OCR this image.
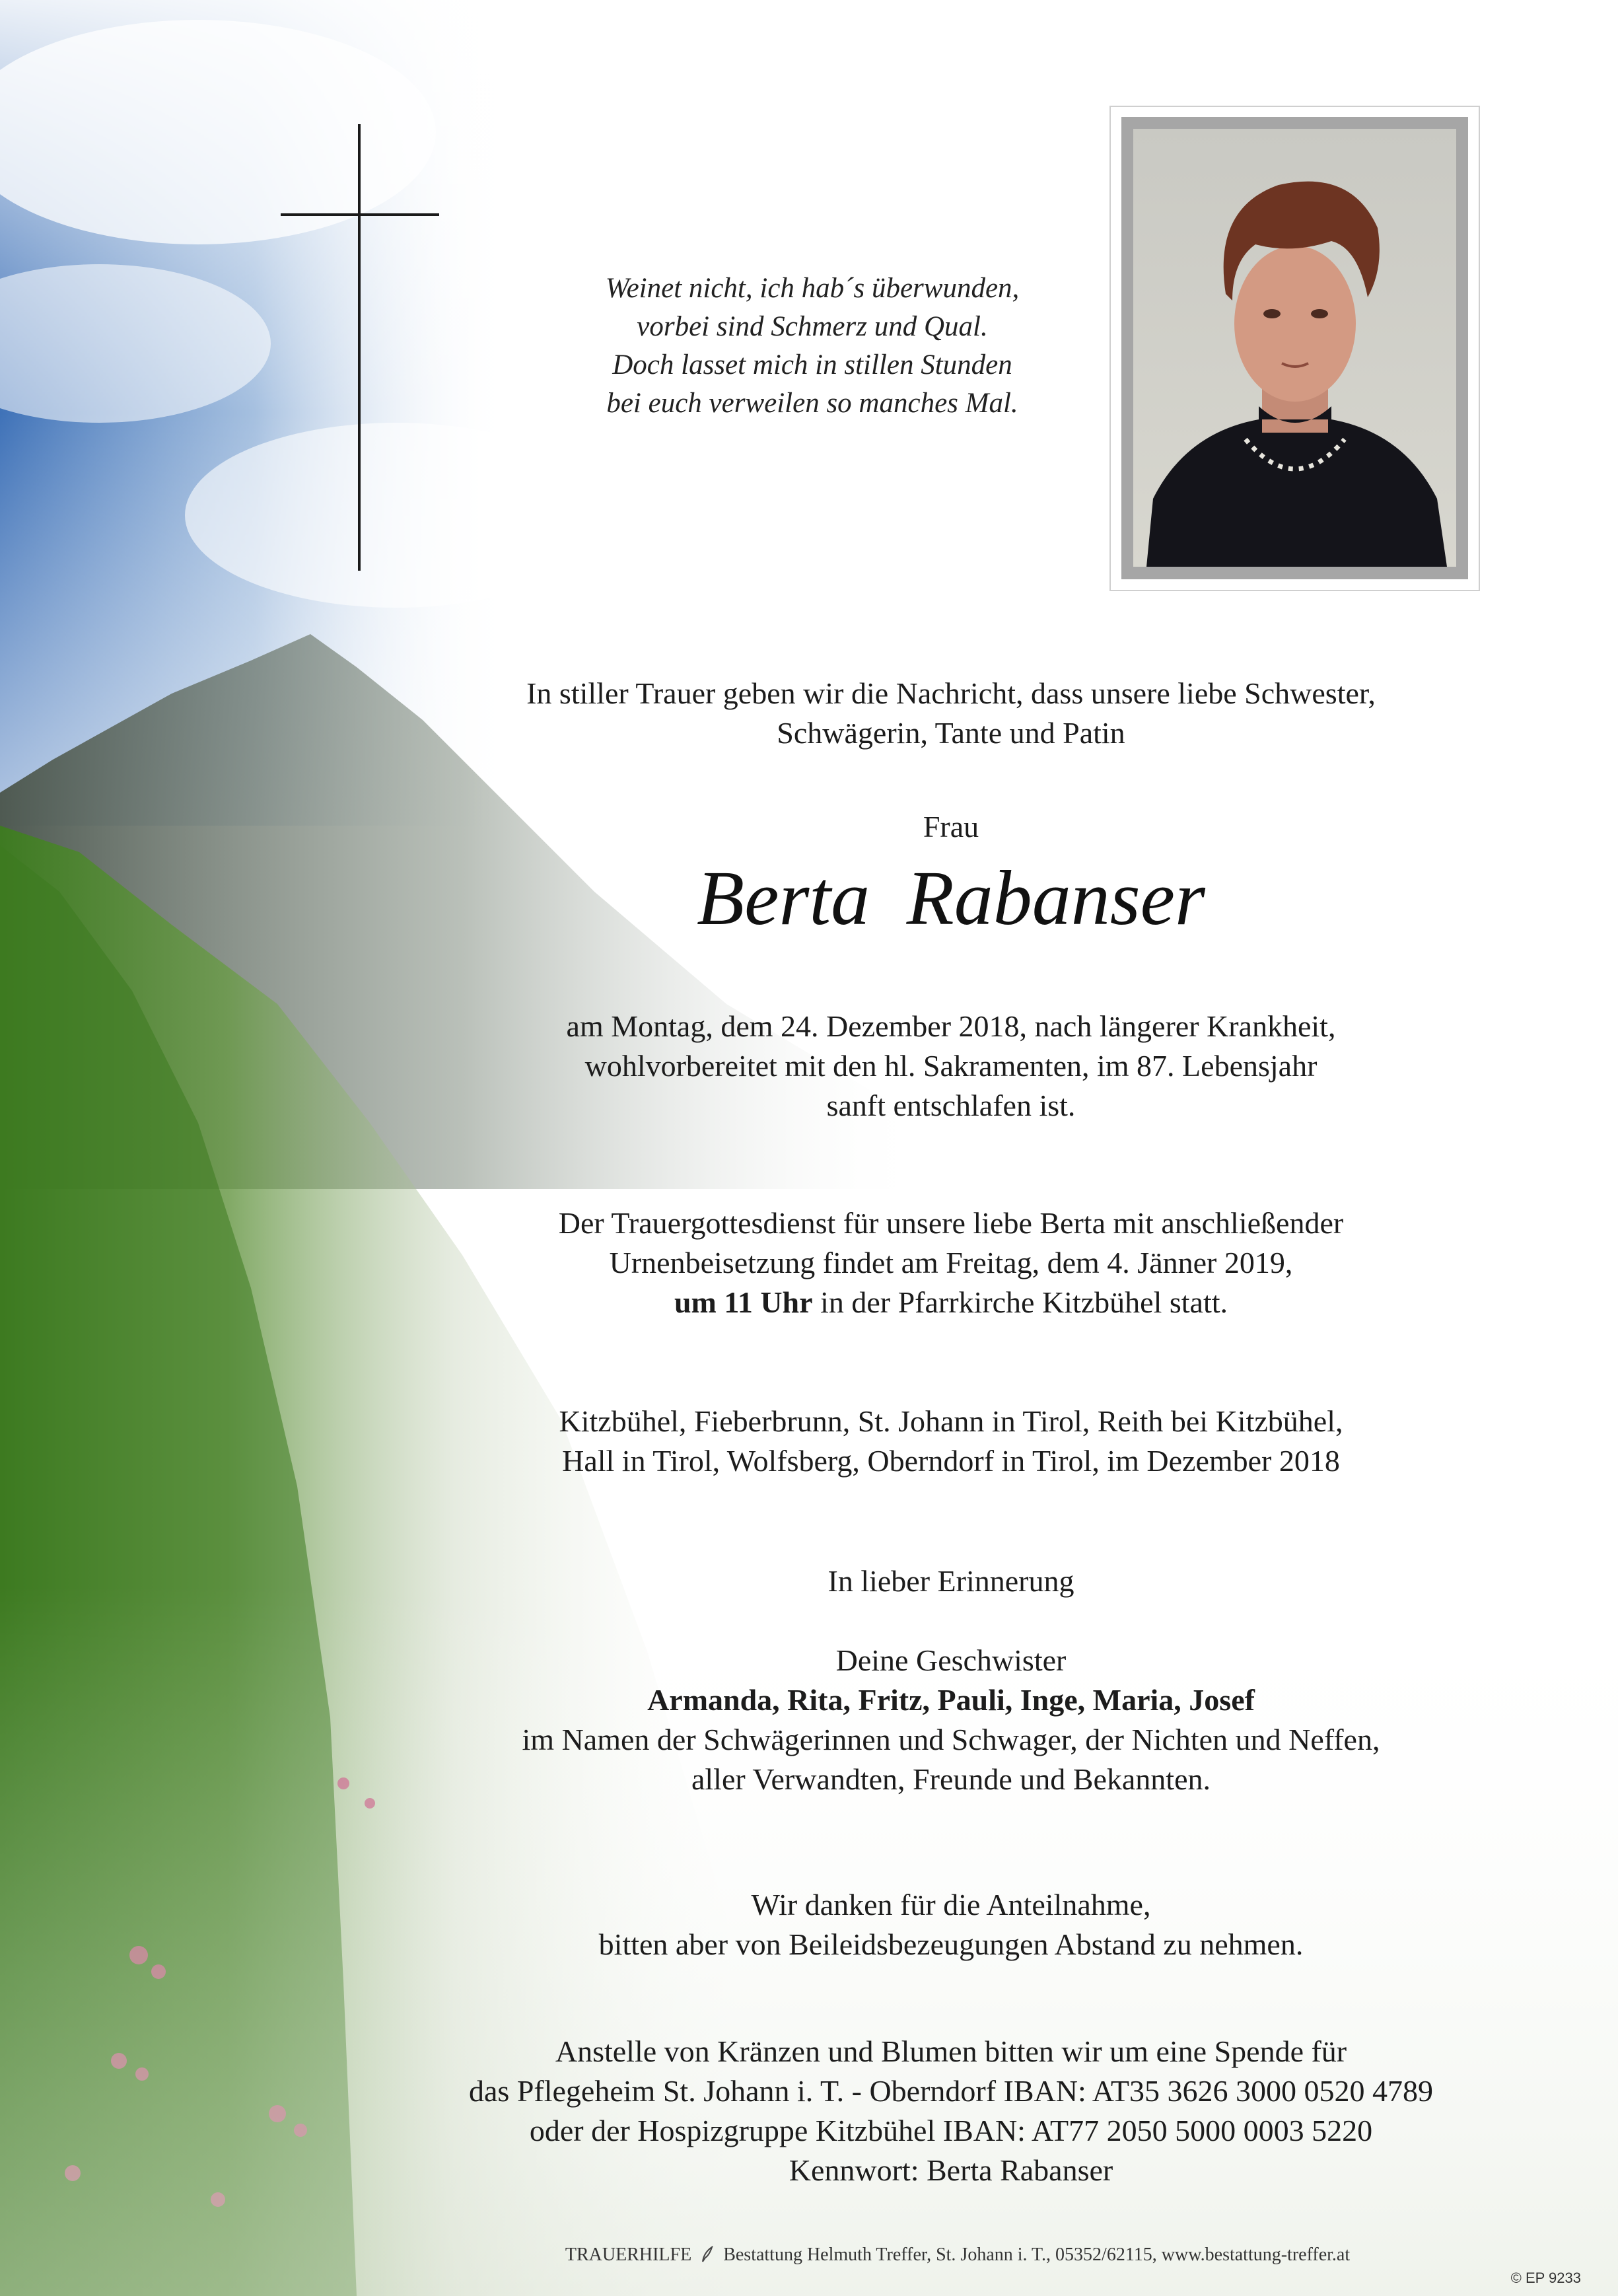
Weinet nicht, ich hab´s überwunden,
vorbei sind Schmerz und Qual.
Doch lasset mich in stillen Stunden
bei euch verweilen so manches Mal.
In stiller Trauer geben wir die Nachricht, dass unsere liebe Schwester,
Schwägerin, Tante und Patin
Frau
Berta Rabanser
am Montag, dem 24. Dezember 2018, nach längerer Krankheit,
wohlvorbereitet mit den hl. Sakramenten, im 87. Lebensjahr
sanft entschlafen ist.
Der Trauergottesdienst für unsere liebe Berta mit anschließender
Urnenbeisetzung findet am Freitag, dem 4. Jänner 2019,
um 11 Uhr in der Pfarrkirche Kitzbühel statt.
Kitzbühel, Fieberbrunn, St. Johann in Tirol, Reith bei Kitzbühel,
Hall in Tirol, Wolfsberg, Oberndorf in Tirol, im Dezember 2018
In lieber Erinnerung
Deine Geschwister
Armanda, Rita, Fritz, Pauli, Inge, Maria, Josef
im Namen der Schwägerinnen und Schwager, der Nichten und Neffen,
aller Verwandten, Freunde und Bekannten.
Wir danken für die Anteilnahme,
bitten aber von Beileidsbezeugungen Abstand zu nehmen.
Anstelle von Kränzen und Blumen bitten wir um eine Spende für
das Pflegeheim St. Johann i. T. - Oberndorf IBAN: AT35 3626 3000 0520 4789
oder der Hospizgruppe Kitzbühel IBAN: AT77 2050 5000 0003 5220
Kennwort: Berta Rabanser
TRAUERHILFE Bestattung Helmuth Treffer, St. Johann i. T., 05352/62115, www.bestattung-treffer.at
© EP 9233
